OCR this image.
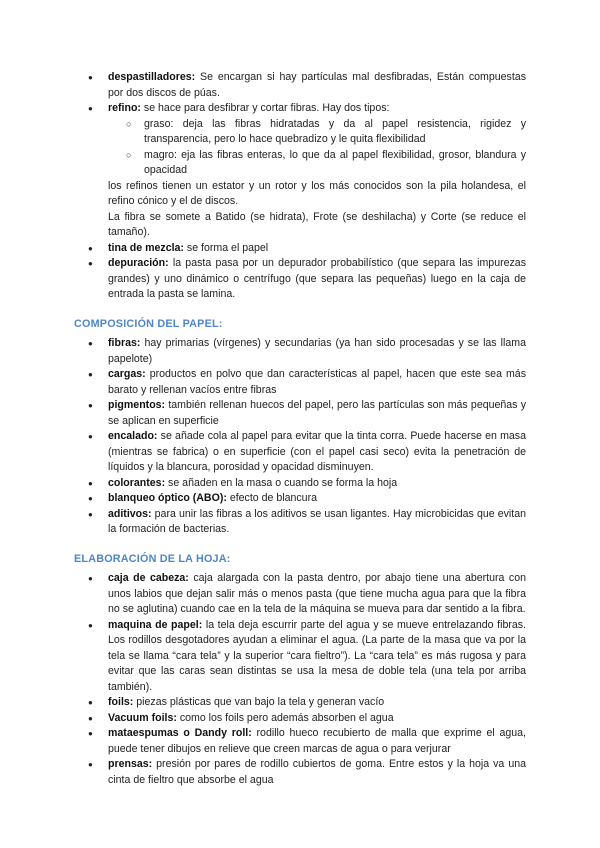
● despastilladores: Se encargan si hay partículas mal desfibradas, Están compuestas por dos discos de púas.
● refino: se hace para desfibrar y cortar fibras. Hay dos tipos:
○ graso: deja las fibras hidratadas y da al papel resistencia, rigidez y transparencia, pero lo hace quebradizo y le quita flexibilidad
○ magro: eja las fibras enteras, lo que da al papel flexibilidad, grosor, blandura y opacidad

los refinos tienen un estator y un rotor y los más conocidos son la pila holandesa, el refino cónico y el de discos.

La fibra se somete a Batido (se hidrata), Frote (se deshilacha) y Corte (se reduce el tamaño).

● tina de mezcla: se forma el papel
● depuración: la pasta pasa por un depurador probabilístico (que separa las impurezas grandes) y uno dinámico o centrífugo (que separa las pequeñas) luego en la caja de entrada la pasta se lamina.
COMPOSICIÓN DEL PAPEL:
● fibras: hay primarias (vírgenes) y secundarias (ya han sido procesadas y se las llama papelote)
● cargas: productos en polvo que dan características al papel, hacen que este sea más barato y rellenan vacíos entre fibras
● pigmentos: también rellenan huecos del papel, pero las partículas son más pequeñas y se aplican en superficie
● encalado: se añade cola al papel para evitar que la tinta corra. Puede hacerse en masa (mientras se fabrica) o en superficie (con el papel casi seco) evita la penetración de líquidos y la blancura, porosidad y opacidad disminuyen.
● colorantes: se añaden en la masa o cuando se forma la hoja
● blanqueo óptico (ABO): efecto de blancura
● aditivos: para unir las fibras a los aditivos se usan ligantes. Hay microbicidas que evitan la formación de bacterias.
ELABORACIÓN DE LA HOJA:
● caja de cabeza: caja alargada con la pasta dentro, por abajo tiene una abertura con unos labios que dejan salir más o menos pasta (que tiene mucha agua para que la fibra no se aglutina) cuando cae en la tela de la máquina se mueva para dar sentido a la fibra.
● maquina de papel: la tela deja escurrir parte del agua y se mueve entrelazando fibras. Los rodillos desgotadores ayudan a eliminar el agua. (La parte de la masa que va por la tela se llama “cara tela” y la superior “cara fieltro”). La “cara tela” es más rugosa y para evitar que las caras sean distintas se usa la mesa de doble tela (una tela por arriba también).
● foils: piezas plásticas que van bajo la tela y generan vacío
● Vacuum foils: como los foils pero además absorben el agua
● mataespumas o Dandy roll: rodillo hueco recubierto de malla que exprime el agua, puede tener dibujos en relieve que creen marcas de agua o para verjurar
● prensas: presión por pares de rodillo cubiertos de goma. Entre estos y la hoja va una cinta de fieltro que absorbe el agua
